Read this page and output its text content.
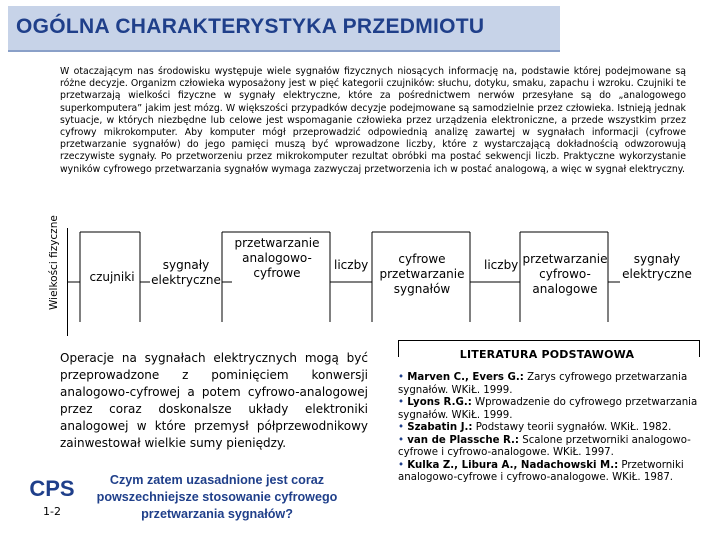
OGÓLNA CHARAKTERYSTYKA PRZEDMIOTU
W otaczającym nas środowisku występuje wiele sygnałów fizycznych niosących informację na, podstawie której podejmowane są różne decyzje. Organizm człowieka wyposażony jest w pięć kategorii czujników: słuchu, dotyku, smaku, zapachu i wzroku. Czujniki te przetwarzają wielkości fizyczne w sygnały elektryczne, które za pośrednictwem nerwów przesyłane są do „analogowego superkomputera” jakim jest mózg. W większości przypadków decyzje podejmowane są samodzielnie przez człowieka. Istnieją jednak sytuacje, w których niezbędne lub celowe jest wspomaganie człowieka przez urządzenia elektroniczne, a przede wszystkim przez cyfrowy mikrokomputer. Aby komputer mógł przeprowadzić odpowiednią analizę zawartej w sygnałach informacji (cyfrowe przetwarzanie sygnałów) do jego pamięci muszą być wprowadzone liczby, które z wystarczającą dokładnością odwzorowują rzeczywiste sygnały. Po przetworzeniu przez mikrokomputer rezultat obróbki ma postać sekwencji liczb. Praktyczne wykorzystanie wyników cyfrowego przetwarzania sygnałów wymaga zazwyczaj przetworzenia ich w postać analogową, a więc w sygnał elektryczny.
Wielkości fizyczne	czujniki
sygnały elektryczne
przetwarzanie analogowo-cyfrowe
liczby	cyfrowe przetwarzanie sygnałów
liczby przetwarzanie cyfrowo-analogowe
sygnały elektryczne
Operacje na sygnałach elektrycznych mogą być przeprowadzone z pominięciem konwersji analogowo-cyfrowej a potem cyfrowo-analogowej przez coraz doskonalsze układy elektroniki analogowej w które przemysł półprzewodnikowy zainwestował wielkie sumy pieniędzy.
CPS
1-2
Czym zatem uzasadnione jest coraz powszechniejsze stosowanie cyfrowego przetwarzania sygnałów?
LITERATURA PODSTAWOWA
• Marven C., Evers G.: Zarys cyfrowego przetwarzania sygnałów. WKiŁ. 1999.
• Lyons R.G.: Wprowadzenie do cyfrowego przetwarzania sygnałów. WKiŁ. 1999.
• Szabatin J.: Podstawy teorii sygnałów. WKiŁ. 1982.
• van de Plassche R.: Scalone przetworniki analogowo-cyfrowe i cyfrowo-analogowe. WKiŁ. 1997.
• Kulka Z., Libura A., Nadachowski M.: Przetworniki analogowo-cyfrowe i cyfrowo-analogowe. WKiŁ. 1987.
